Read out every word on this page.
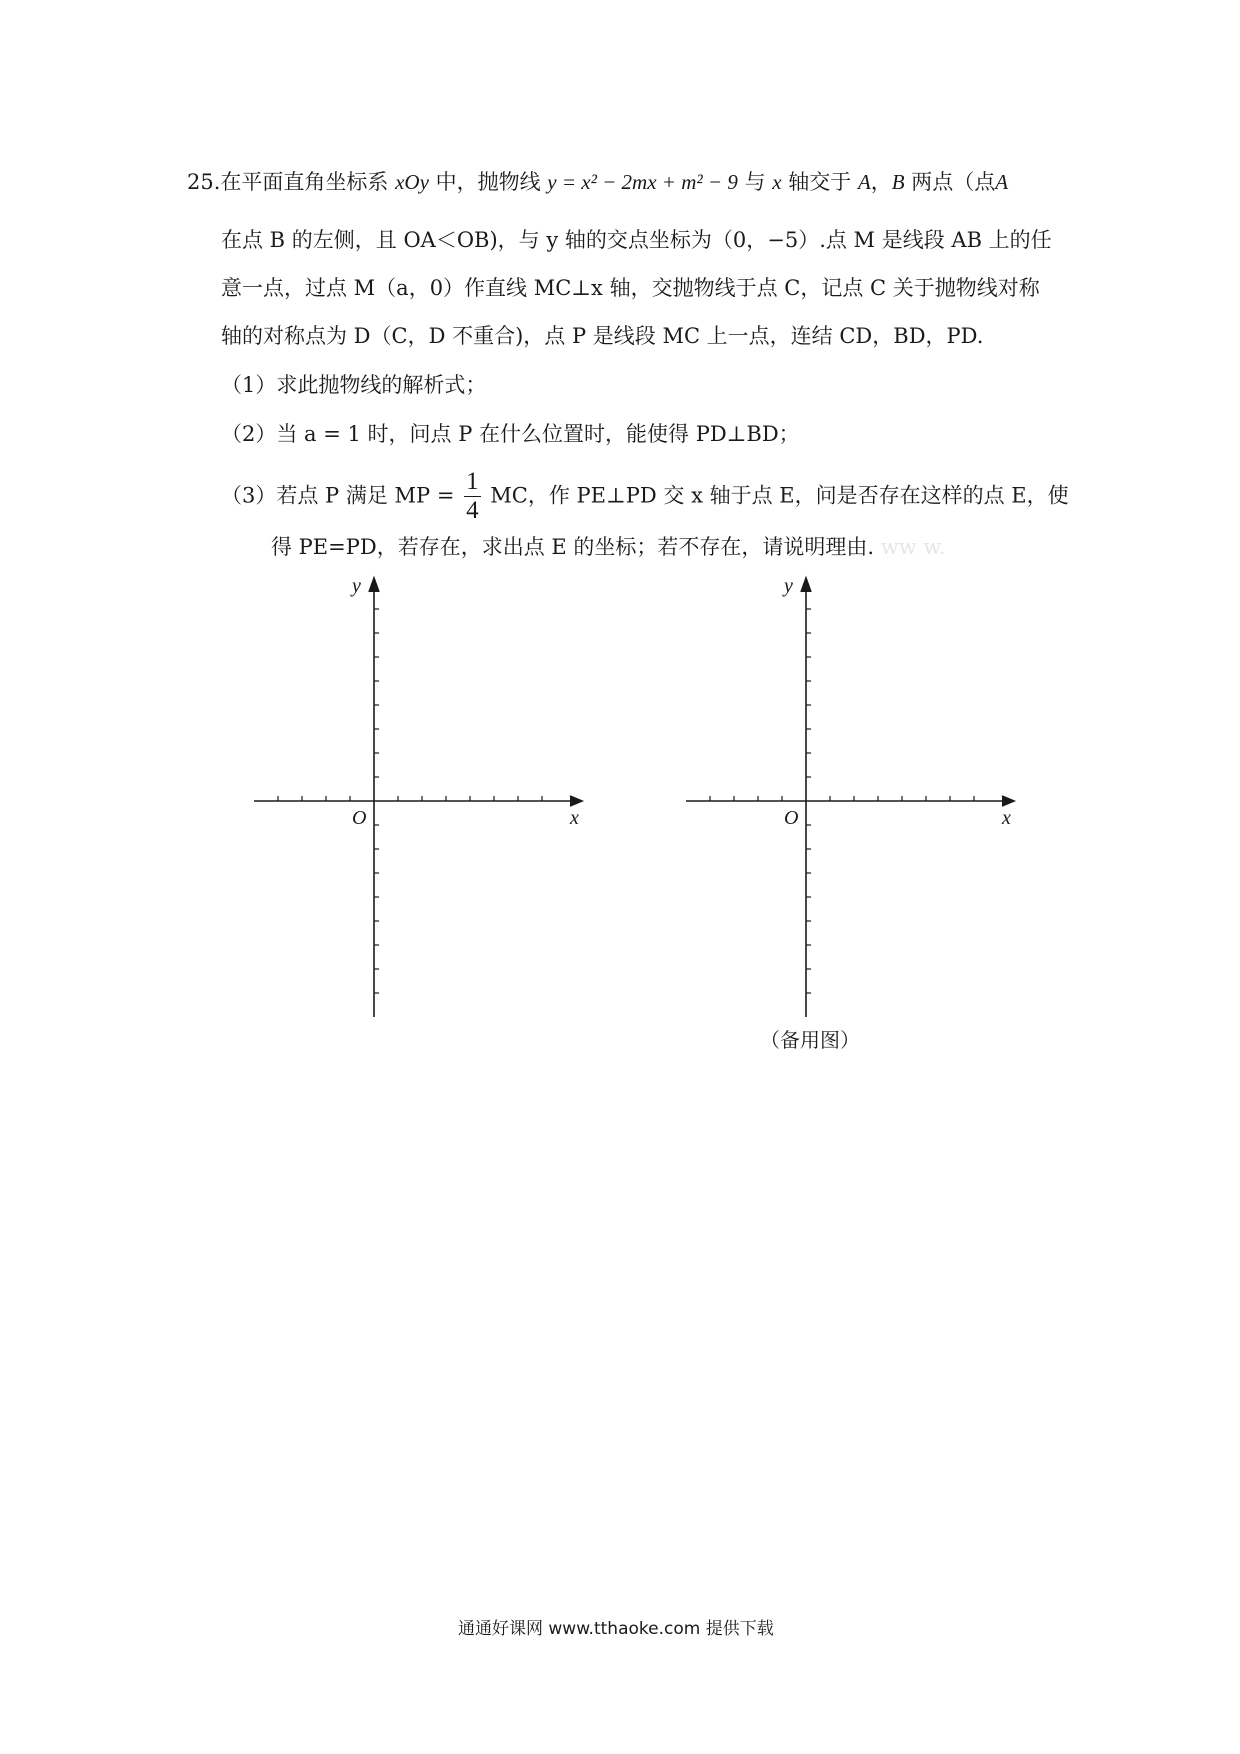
25.在平面直角坐标系 xOy 中，抛物线 y = x² − 2mx + m² − 9 与 x 轴交于 A，B 两点（点A
在点 B 的左侧，且 OA＜OB)，与 y 轴的交点坐标为（0，−5）.点 M 是线段 AB 上的任
意一点，过点 M（a，0）作直线 MC⊥x 轴，交抛物线于点 C，记点 C 关于抛物线对称
轴的对称点为 D（C，D 不重合)，点 P 是线段 MC 上一点，连结 CD，BD，PD.
（1）求此抛物线的解析式；
（2）当 a = 1 时，问点 P 在什么位置时，能使得 PD⊥BD；
（3）若点 P 满足 MP = $\frac{1}{4}$ MC，作 PE⊥PD 交 x 轴于点 E，问是否存在这样的点 E，使
得 PE=PD，若存在，求出点 E 的坐标；若不存在，请说明理由. ww w.
y
x
O
y
x
O
（备用图）
通通好课网 www.tthaoke.com 提供下载
